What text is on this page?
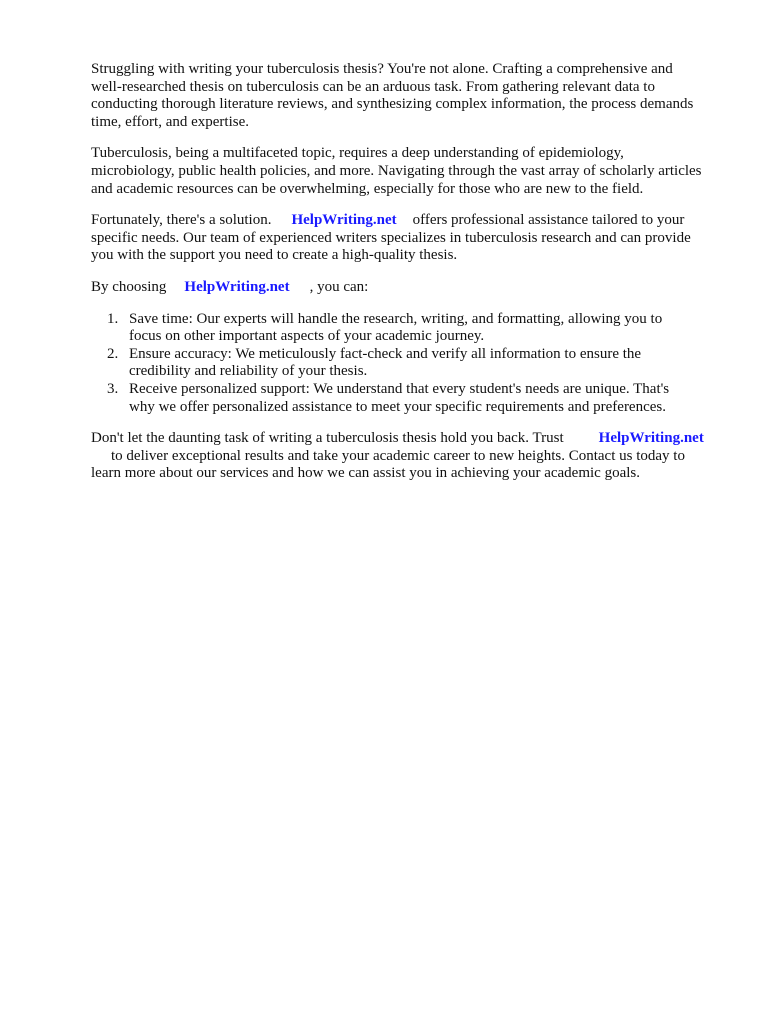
Struggling with writing your tuberculosis thesis? You're not alone. Crafting a comprehensive and
well-researched thesis on tuberculosis can be an arduous task. From gathering relevant data to
conducting thorough literature reviews, and synthesizing complex information, the process demands
time, effort, and expertise.

Tuberculosis, being a multifaceted topic, requires a deep understanding of epidemiology,
microbiology, public health policies, and more. Navigating through the vast array of scholarly articles
and academic resources can be overwhelming, especially for those who are new to the field.

Fortunately, there's a solution. HelpWriting.net offers professional assistance tailored to your
specific needs. Our team of experienced writers specializes in tuberculosis research and can provide
you with the support you need to create a high-quality thesis.

By choosing HelpWriting.net , you can:

1. Save time: Our experts will handle the research, writing, and formatting, allowing you to
focus on other important aspects of your academic journey.
2. Ensure accuracy: We meticulously fact-check and verify all information to ensure the
credibility and reliability of your thesis.
3. Receive personalized support: We understand that every student's needs are unique. That's
why we offer personalized assistance to meet your specific requirements and preferences.

Don't let the daunting task of writing a tuberculosis thesis hold you back. Trust HelpWriting.net
to deliver exceptional results and take your academic career to new heights. Contact us today to
learn more about our services and how we can assist you in achieving your academic goals.
